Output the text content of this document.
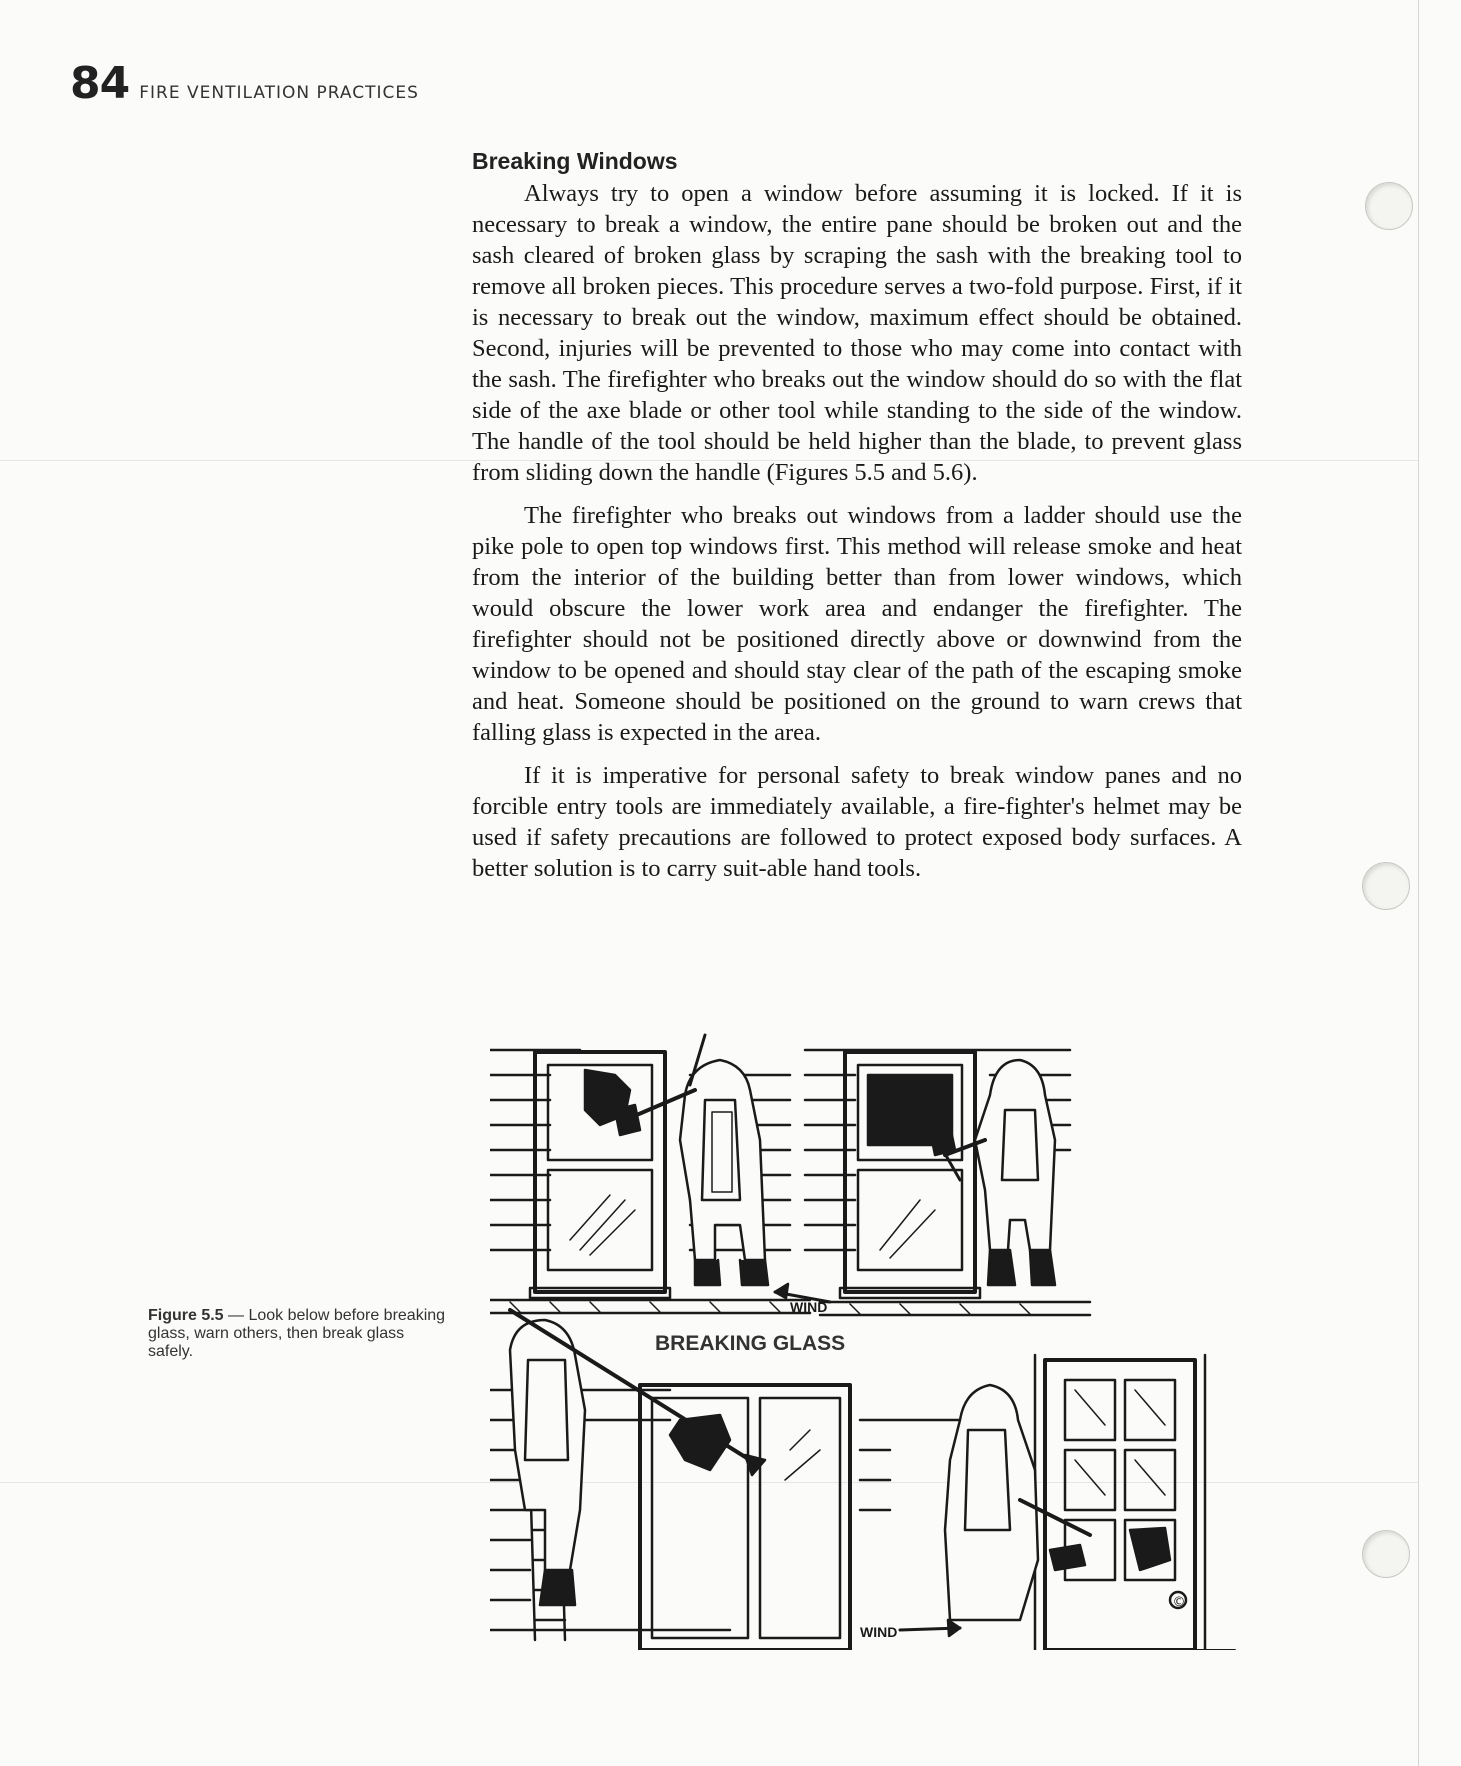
84 FIRE VENTILATION PRACTICES
Breaking Windows

Always try to open a window before assuming it is locked. If it is necessary to break a window, the entire pane should be broken out and the sash cleared of broken glass by scraping the sash with the breaking tool to remove all broken pieces. This procedure serves a two-fold purpose. First, if it is necessary to break out the window, maximum effect should be obtained. Second, injuries will be prevented to those who may come into contact with the sash. The firefighter who breaks out the window should do so with the flat side of the axe blade or other tool while standing to the side of the window. The handle of the tool should be held higher than the blade, to prevent glass from sliding down the handle (Figures 5.5 and 5.6).

The firefighter who breaks out windows from a ladder should use the pike pole to open top windows first. This method will release smoke and heat from the interior of the building better than from lower windows, which would obscure the lower work area and endanger the firefighter. The firefighter should not be positioned directly above or downwind from the window to be opened and should stay clear of the path of the escaping smoke and heat. Someone should be positioned on the ground to warn crews that falling glass is expected in the area.

If it is imperative for personal safety to break window panes and no forcible entry tools are immediately available, a fire-fighter's helmet may be used if safety precautions are followed to protect exposed body surfaces. A better solution is to carry suit-able hand tools.

Figure 5.5 — Look below before breaking glass, warn others, then break glass safely.
WIND
BREAKING GLASS
WIND
©
